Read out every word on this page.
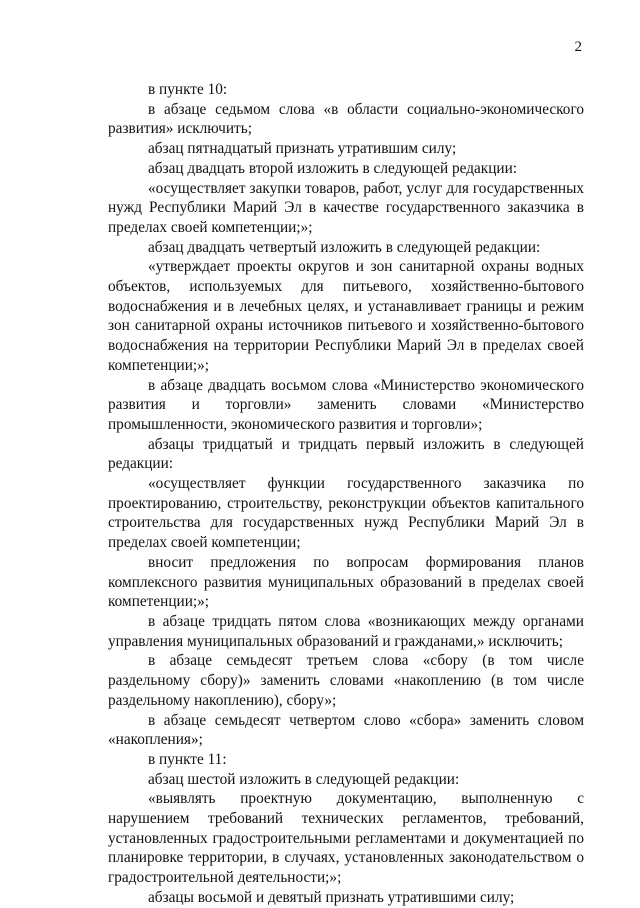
2

в пункте 10:

в абзаце седьмом слова «в области социально-экономического развития» исключить;

абзац пятнадцатый признать утратившим силу;

абзац двадцать второй изложить в следующей редакции:

«осуществляет закупки товаров, работ, услуг для государственных нужд Республики Марий Эл в качестве государственного заказчика в пределах своей компетенции;»;

абзац двадцать четвертый изложить в следующей редакции:

«утверждает проекты округов и зон санитарной охраны водных объектов, используемых для питьевого, хозяйственно-бытового водоснабжения и в лечебных целях, и устанавливает границы и режим зон санитарной охраны источников питьевого и хозяйственно-бытового водоснабжения на территории Республики Марий Эл в пределах своей компетенции;»;

в абзаце двадцать восьмом слова «Министерство экономического развития и торговли» заменить словами «Министерство промышленности, экономического развития и торговли»;

абзацы тридцатый и тридцать первый изложить в следующей редакции:

«осуществляет функции государственного заказчика по проектированию, строительству, реконструкции объектов капитального строительства для государственных нужд Республики Марий Эл в пределах своей компетенции;

вносит предложения по вопросам формирования планов комплексного развития муниципальных образований в пределах своей компетенции;»;

в абзаце тридцать пятом слова «возникающих между органами управления муниципальных образований и гражданами,» исключить;

в абзаце семьдесят третьем слова «сбору (в том числе раздельному сбору)» заменить словами «накоплению (в том числе раздельному накоплению), сбору»;

в абзаце семьдесят четвертом слово «сбора» заменить словом «накопления»;

в пункте 11:

абзац шестой изложить в следующей редакции:

«выявлять проектную документацию, выполненную с нарушением требований технических регламентов, требований, установленных градостроительными регламентами и документацией по планировке территории, в случаях, установленных законодательством о градостроительной деятельности;»;

абзацы восьмой и девятый признать утратившими силу;
